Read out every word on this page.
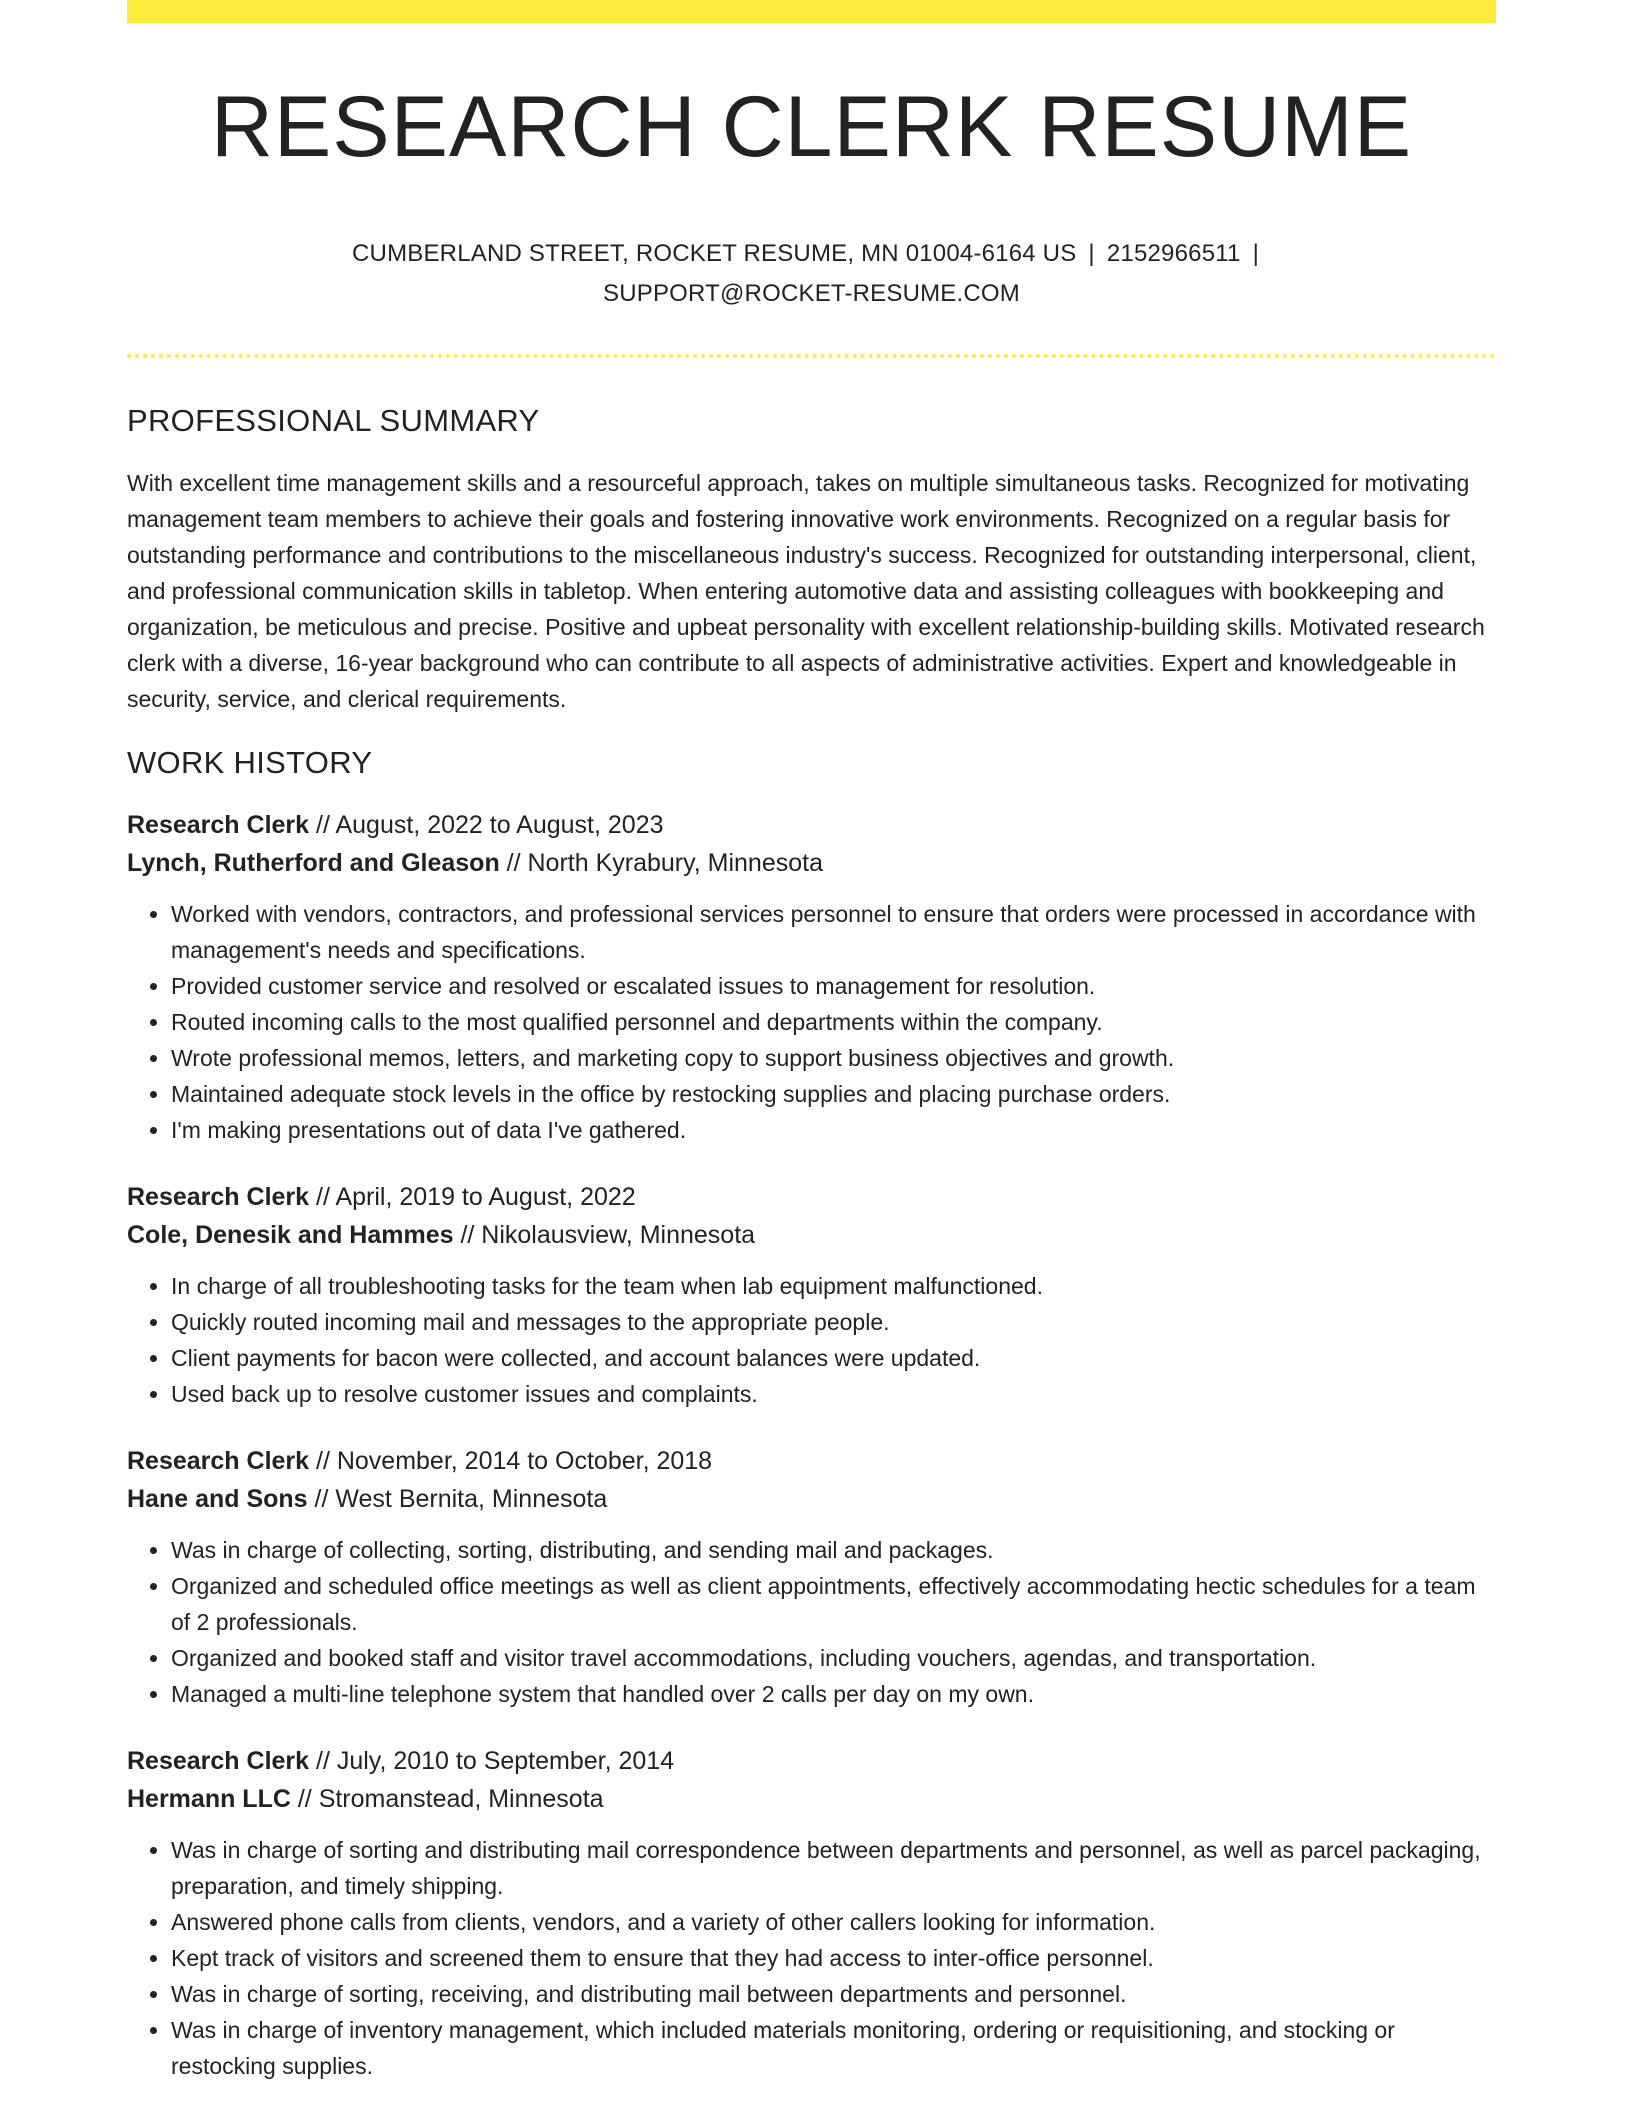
RESEARCH CLERK RESUME
CUMBERLAND STREET, ROCKET RESUME, MN 01004-6164 US | 2152966511 |
SUPPORT@ROCKET-RESUME.COM
PROFESSIONAL SUMMARY

With excellent time management skills and a resourceful approach, takes on multiple simultaneous tasks. Recognized for motivating management team members to achieve their goals and fostering innovative work environments. Recognized on a regular basis for outstanding performance and contributions to the miscellaneous industry's success. Recognized for outstanding interpersonal, client, and professional communication skills in tabletop. When entering automotive data and assisting colleagues with bookkeeping and organization, be meticulous and precise. Positive and upbeat personality with excellent relationship-building skills. Motivated research clerk with a diverse, 16-year background who can contribute to all aspects of administrative activities. Expert and knowledgeable in security, service, and clerical requirements.

WORK HISTORY
Research Clerk // August, 2022 to August, 2023
Lynch, Rutherford and Gleason // North Kyrabury, Minnesota
• Worked with vendors, contractors, and professional services personnel to ensure that orders were processed in accordance with management's needs and specifications.
• Provided customer service and resolved or escalated issues to management for resolution.
• Routed incoming calls to the most qualified personnel and departments within the company.
• Wrote professional memos, letters, and marketing copy to support business objectives and growth.
• Maintained adequate stock levels in the office by restocking supplies and placing purchase orders.
• I'm making presentations out of data I've gathered.
Research Clerk // April, 2019 to August, 2022
Cole, Denesik and Hammes // Nikolausview, Minnesota
• In charge of all troubleshooting tasks for the team when lab equipment malfunctioned.
• Quickly routed incoming mail and messages to the appropriate people.
• Client payments for bacon were collected, and account balances were updated.
• Used back up to resolve customer issues and complaints.
Research Clerk // November, 2014 to October, 2018
Hane and Sons // West Bernita, Minnesota
• Was in charge of collecting, sorting, distributing, and sending mail and packages.
• Organized and scheduled office meetings as well as client appointments, effectively accommodating hectic schedules for a team of 2 professionals.
• Organized and booked staff and visitor travel accommodations, including vouchers, agendas, and transportation.
• Managed a multi-line telephone system that handled over 2 calls per day on my own.
Research Clerk // July, 2010 to September, 2014
Hermann LLC // Stromanstead, Minnesota
• Was in charge of sorting and distributing mail correspondence between departments and personnel, as well as parcel packaging, preparation, and timely shipping.
• Answered phone calls from clients, vendors, and a variety of other callers looking for information.
• Kept track of visitors and screened them to ensure that they had access to inter-office personnel.
• Was in charge of sorting, receiving, and distributing mail between departments and personnel.
• Was in charge of inventory management, which included materials monitoring, ordering or requisitioning, and stocking or restocking supplies.
